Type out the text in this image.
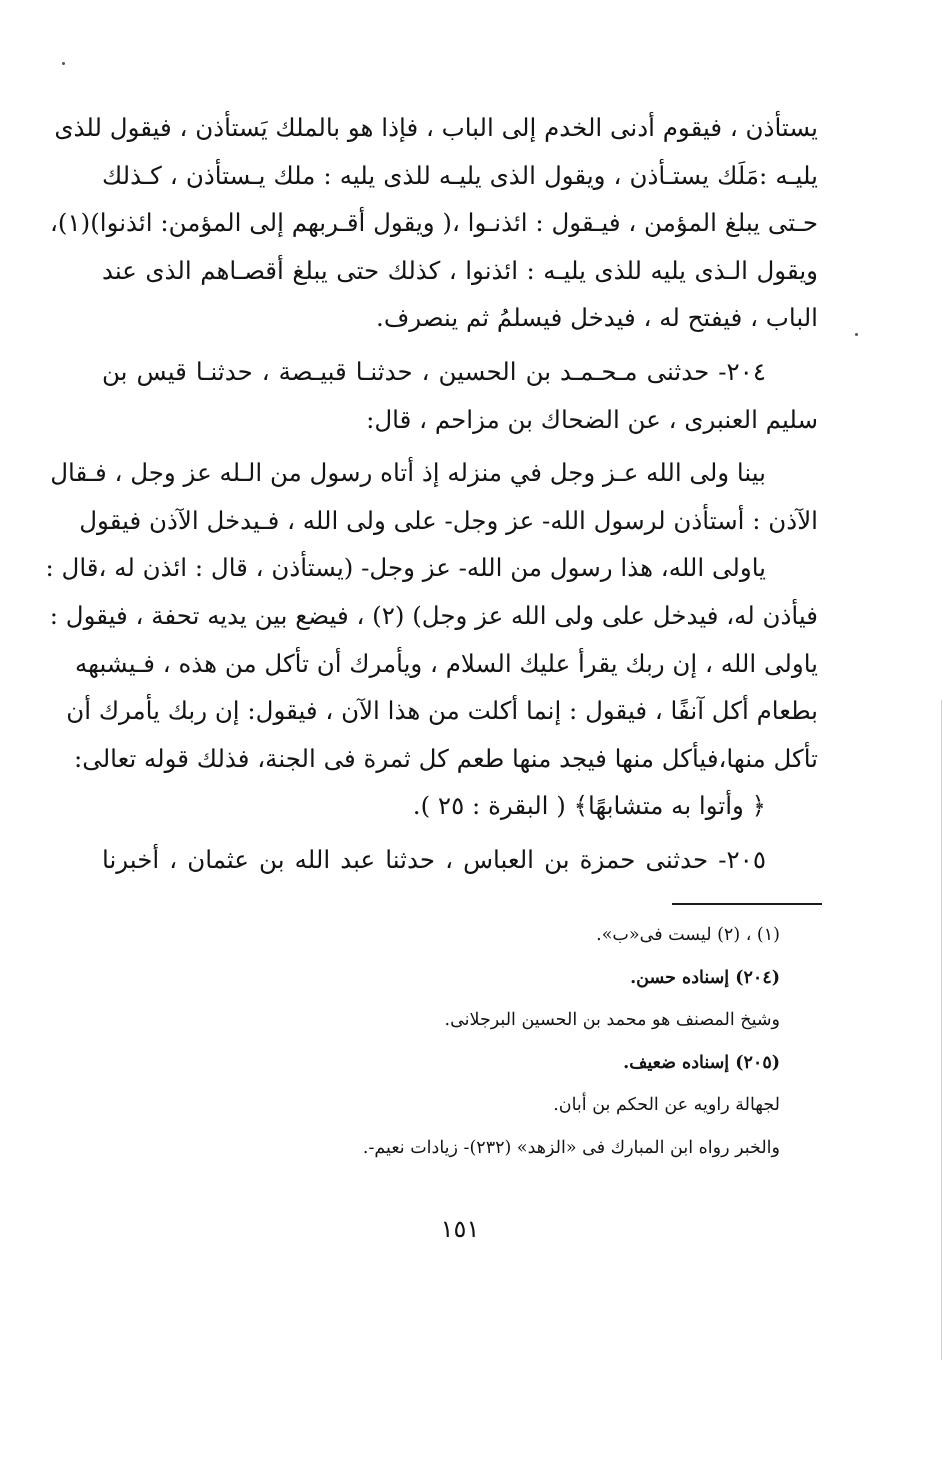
يستأذن ، فيقوم أدنى الخدم إلى الباب ، فإذا هو بالملك يَستأذن ، فيقول للذى
يليـه :مَلَك يستـأذن ، ويقول الذى يليـه للذى يليه : ملك يـستأذن ، كـذلك
حـتى يبلغ المؤمن ، فيـقول : ائذنـوا ،( ويقول أقـربهم إلى المؤمن: ائذنوا)(١)،
ويقول الـذى يليه للذى يليـه : ائذنوا ، كذلك حتى يبلغ أقصـاهم الذى عند
الباب ، فيفتح له ، فيدخل فيسلمُ ثم ينصرف.
٢٠٤- حدثنى مـحـمـد بن الحسين ، حدثنـا قبيـصة ، حدثنـا قيس بن
سليم العنبرى ، عن الضحاك بن مزاحم ، قال:
بينا ولى الله عـز وجل في منزله إذ أتاه رسول من الـله عز وجل ، فـقال
الآذن : أستأذن لرسول الله- عز وجل- على ولى الله ، فـيدخل الآذن فيقول
ياولى الله، هذا رسول من الله- عز وجل- (يستأذن ، قال : ائذن له ،قال :
فيأذن له، فيدخل على ولى الله عز وجل) (٢) ، فيضع بين يديه تحفة ، فيقول :
ياولى الله ، إن ربك يقرأ عليك السلام ، ويأمرك أن تأكل من هذه ، فـيشبهه
بطعام أكل آنفًا ، فيقول : إنما أكلت من هذا الآن ، فيقول: إن ربك يأمرك أن
تأكل منها،فيأكل منها فيجد منها طعم كل ثمرة فى الجنة، فذلك قوله تعالى:
﴿ وأتوا به متشابهًا﴾ ( البقرة : ٢٥ ).
٢٠٥- حدثنى حمزة بن العباس ، حدثنا عبد الله بن عثمان ، أخبرنا
(١) ، (٢) ليست فى«ب».
(٢٠٤) إسناده حسن.
وشيخ المصنف هو محمد بن الحسين البرجلانى.
(٢٠٥) إسناده ضعيف.
لجهالة راويه عن الحكم بن أبان.
والخبر رواه ابن المبارك فى «الزهد» (٢٣٢)- زيادات نعيم-.
١٥١
